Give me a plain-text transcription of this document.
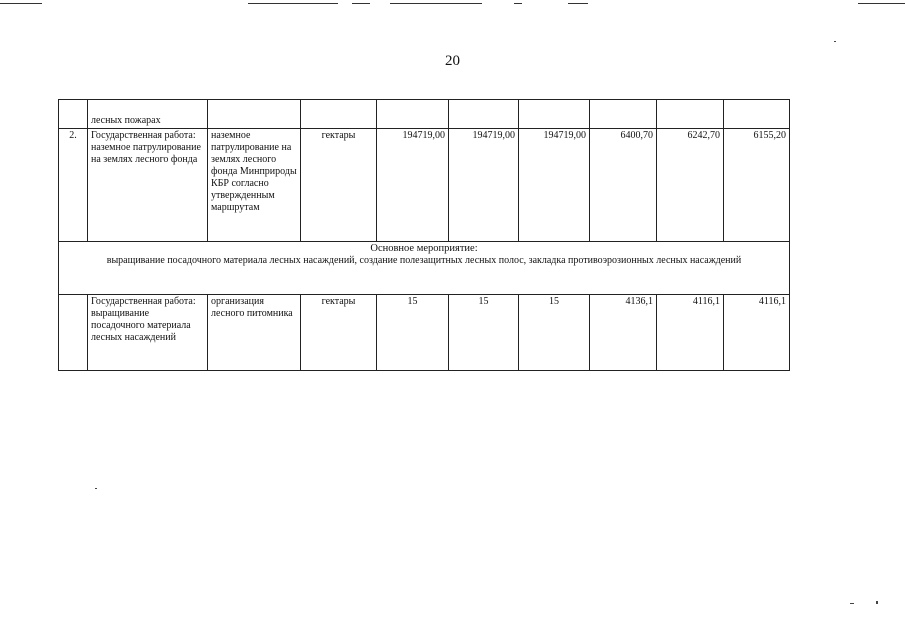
20
	лесных пожарах								
2.	Государственная работа: наземное патрулирование на землях лесного фонда	наземное патрулирование на землях лесного фонда Минприроды КБР согласно утвержденным маршрутам	гектары	194719,00	194719,00	194719,00	6400,70	6242,70	6155,20

Основное мероприятие:
выращивание посадочного материала лесных насаждений, создание полезащитных лесных полос, закладка противоэрозионных лесных насаждений									

	Государственная работа: выращивание посадочного материала лесных насаждений	организация лесного питомника	гектары	15	15	15	4136,1	4116,1	4116,1
